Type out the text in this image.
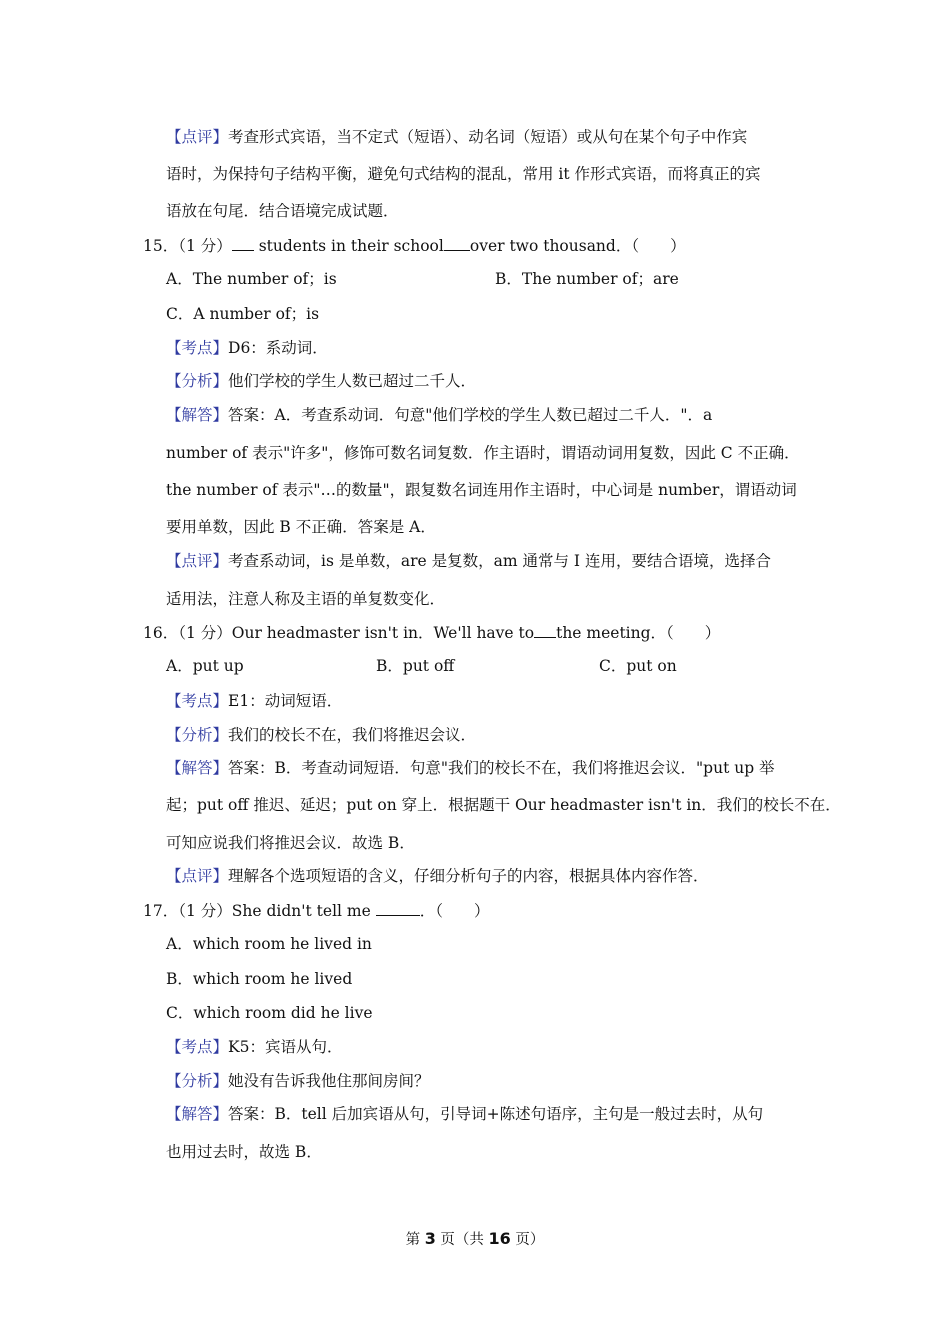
【点评】考查形式宾语，当不定式（短语）、动名词（短语）或从句在某个句子中作宾
语时，为保持句子结构平衡，避免句式结构的混乱，常用 it 作形式宾语，而将真正的宾
语放在句尾．结合语境完成试题．
15．（1 分） students in their school over two thousand．（　　）
A．The number of；is	B．The number of；are
C．A number of；is
【考点】D6：系动词．
【分析】他们学校的学生人数已超过二千人．
【解答】答案：A．考查系动词．句意"他们学校的学生人数已超过二千人．"．a
number of 表示"许多"，修饰可数名词复数．作主语时，谓语动词用复数，因此 C 不正确．
the number of 表示"…的数量"，跟复数名词连用作主语时，中心词是 number，谓语动词
要用单数，因此 B 不正确．答案是 A．
【点评】考查系动词，is 是单数，are 是复数，am 通常与 I 连用，要结合语境，选择合
适用法，注意人称及主语的单复数变化．
16．（1 分）Our headmaster isn't in．We'll have to the meeting．（　　）
A．put up	B．put off	C．put on
【考点】E1：动词短语．
【分析】我们的校长不在，我们将推迟会议．
【解答】答案：B．考查动词短语．句意"我们的校长不在，我们将推迟会议．"put up 举
起；put off 推迟、延迟；put on 穿上．根据题干 Our headmaster isn't in．我们的校长不在．
可知应说我们将推迟会议．故选 B．
【点评】理解各个选项短语的含义，仔细分析句子的内容，根据具体内容作答．
17．（1 分）She didn't tell me	．（　　）
A．which room he lived in
B．which room he lived
C．which room did he live
【考点】K5：宾语从句．
【分析】她没有告诉我他住那间房间？
【解答】答案：B．tell 后加宾语从句，引导词+陈述句语序，主句是一般过去时，从句
也用过去时，故选 B．
第 3 页（共 16 页）
